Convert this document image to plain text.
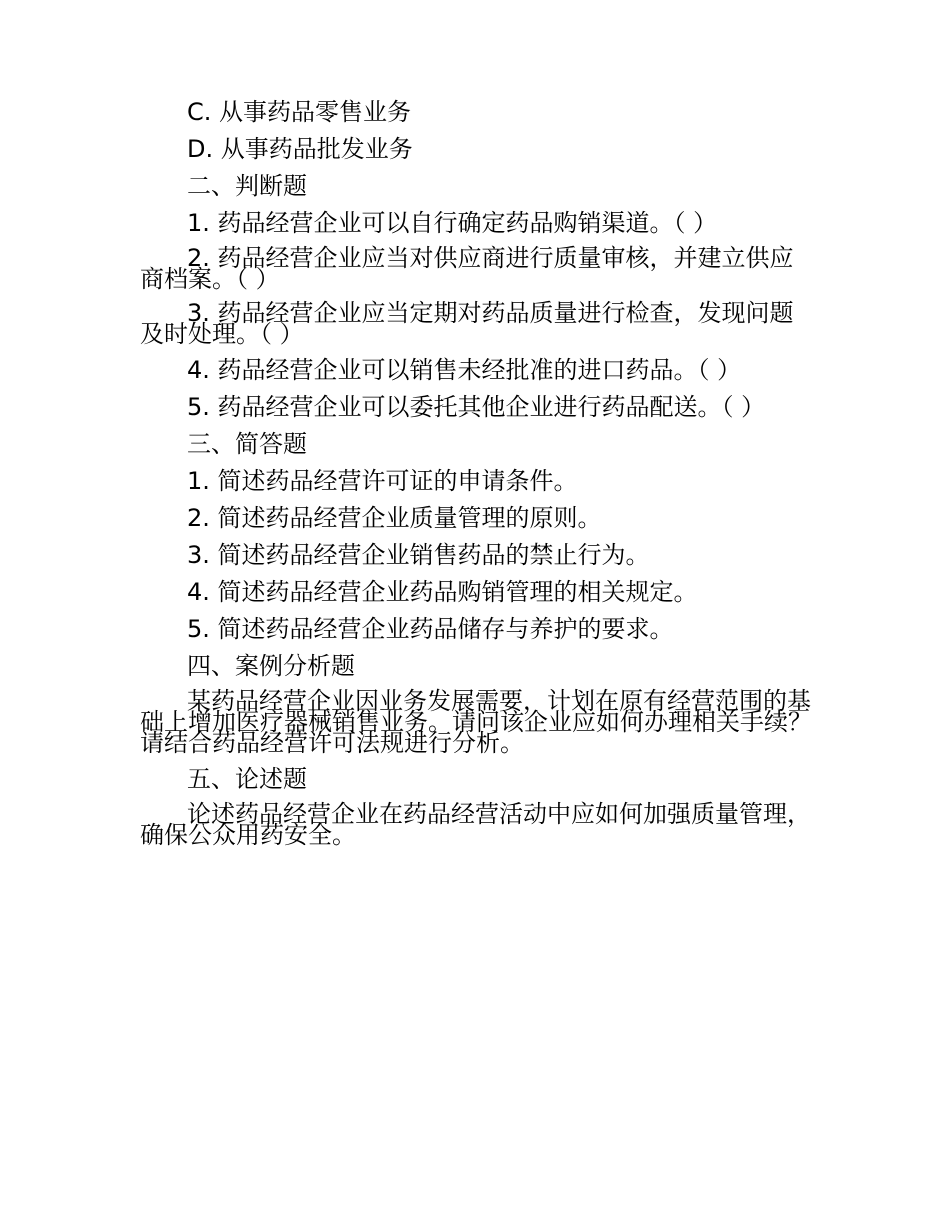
C. 从事药品零售业务

D. 从事药品批发业务

二、判断题

1. 药品经营企业可以自行确定药品购销渠道。（ ）

2. 药品经营企业应当对供应商进行质量审核，并建立供应商档案。（ ）

3. 药品经营企业应当定期对药品质量进行检查，发现问题及时处理。（ ）

4. 药品经营企业可以销售未经批准的进口药品。（ ）

5. 药品经营企业可以委托其他企业进行药品配送。（ ）

三、简答题

1. 简述药品经营许可证的申请条件。

2. 简述药品经营企业质量管理的原则。

3. 简述药品经营企业销售药品的禁止行为。

4. 简述药品经营企业药品购销管理的相关规定。

5. 简述药品经营企业药品储存与养护的要求。

四、案例分析题

某药品经营企业因业务发展需要，计划在原有经营范围的基础上增加医疗器械销售业务。请问该企业应如何办理相关手续？请结合药品经营许可法规进行分析。

五、论述题

论述药品经营企业在药品经营活动中应如何加强质量管理，确保公众用药安全。
